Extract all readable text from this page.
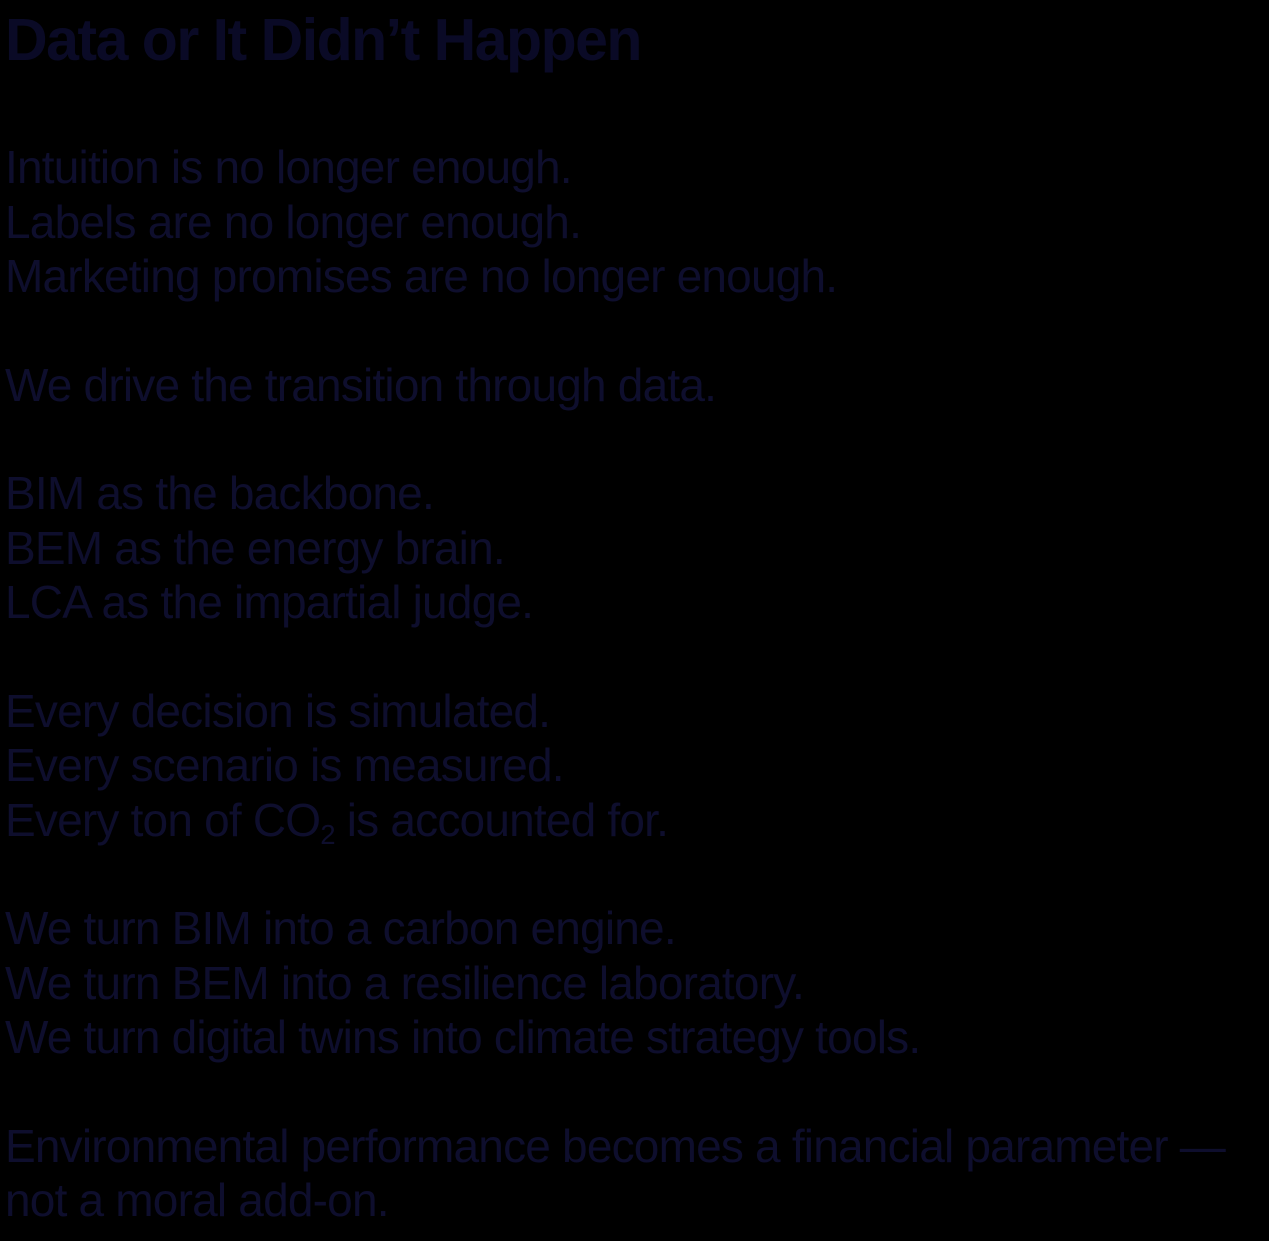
Data or It Didn’t Happen
Intuition is no longer enough.
Labels are no longer enough.
Marketing promises are no longer enough.
We drive the transition through data.
BIM as the backbone.
BEM as the energy brain.
LCA as the impartial judge.
Every decision is simulated.
Every scenario is measured.
Every ton of CO2 is accounted for.
We turn BIM into a carbon engine.
We turn BEM into a resilience laboratory.
We turn digital twins into climate strategy tools.
Environmental performance becomes a financial parameter —
not a moral add-on.
